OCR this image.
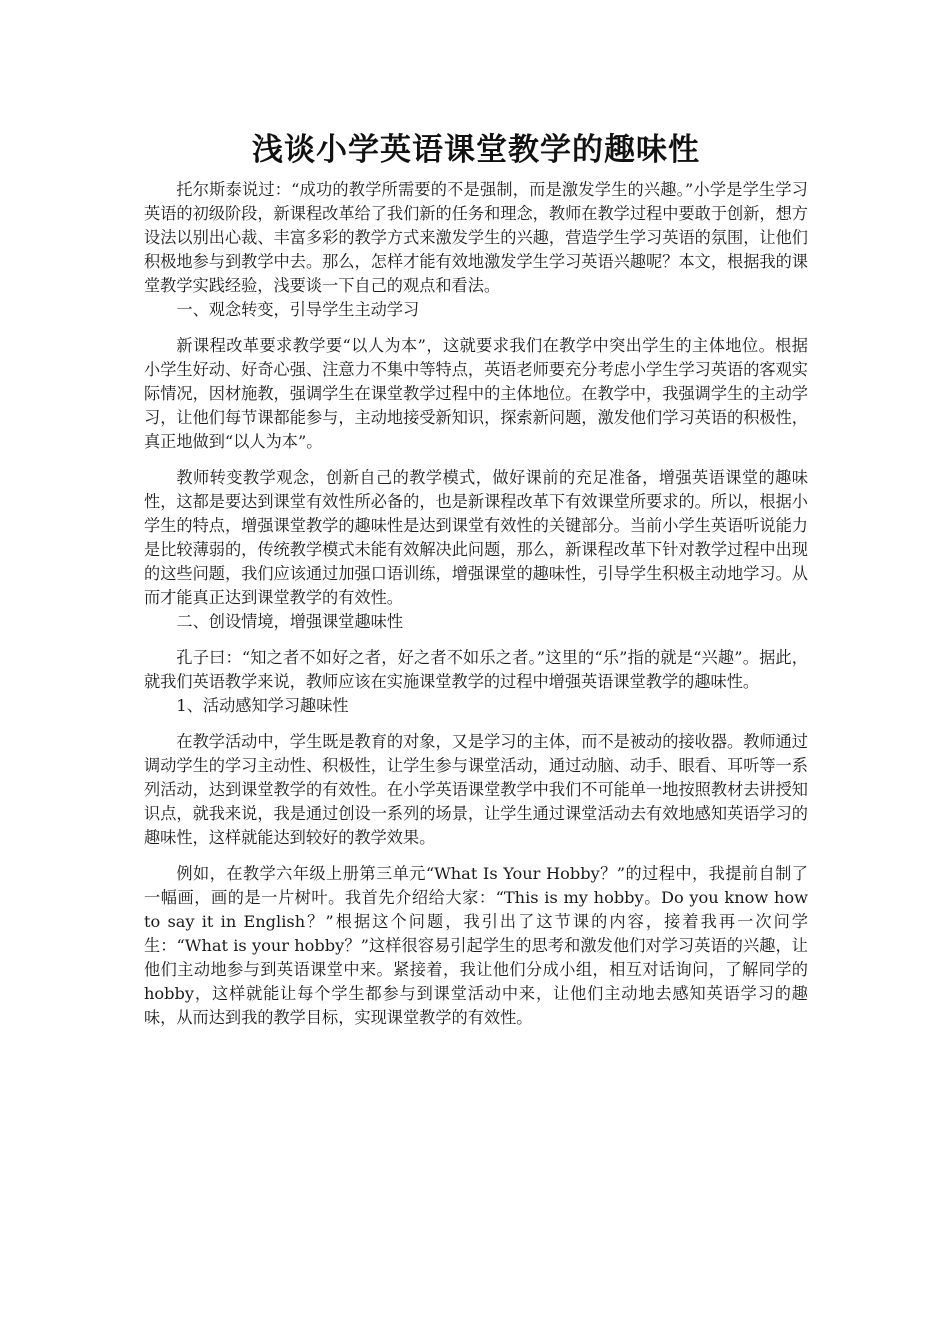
浅谈小学英语课堂教学的趣味性

托尔斯泰说过：“成功的教学所需要的不是强制，而是激发学生的兴趣。”小学是学生学习英语的初级阶段，新课程改革给了我们新的任务和理念，教师在教学过程中要敢于创新，想方设法以别出心裁、丰富多彩的教学方式来激发学生的兴趣，营造学生学习英语的氛围，让他们积极地参与到教学中去。那么，怎样才能有效地激发学生学习英语兴趣呢？本文，根据我的课堂教学实践经验，浅要谈一下自己的观点和看法。

一、观念转变，引导学生主动学习

新课程改革要求教学要“以人为本”，这就要求我们在教学中突出学生的主体地位。根据小学生好动、好奇心强、注意力不集中等特点，英语老师要充分考虑小学生学习英语的客观实际情况，因材施教，强调学生在课堂教学过程中的主体地位。在教学中，我强调学生的主动学习，让他们每节课都能参与，主动地接受新知识，探索新问题，激发他们学习英语的积极性，真正地做到“以人为本”。

教师转变教学观念，创新自己的教学模式，做好课前的充足准备，增强英语课堂的趣味性，这都是要达到课堂有效性所必备的，也是新课程改革下有效课堂所要求的。所以，根据小学生的特点，增强课堂教学的趣味性是达到课堂有效性的关键部分。当前小学生英语听说能力是比较薄弱的，传统教学模式未能有效解决此问题，那么，新课程改革下针对教学过程中出现的这些问题，我们应该通过加强口语训练，增强课堂的趣味性，引导学生积极主动地学习。从而才能真正达到课堂教学的有效性。

二、创设情境，增强课堂趣味性

孔子曰：“知之者不如好之者，好之者不如乐之者。”这里的“乐”指的就是“兴趣”。据此，就我们英语教学来说，教师应该在实施课堂教学的过程中增强英语课堂教学的趣味性。

1、活动感知学习趣味性

在教学活动中，学生既是教育的对象，又是学习的主体，而不是被动的接收器。教师通过调动学生的学习主动性、积极性，让学生参与课堂活动，通过动脑、动手、眼看、耳听等一系列活动，达到课堂教学的有效性。在小学英语课堂教学中我们不可能单一地按照教材去讲授知识点，就我来说，我是通过创设一系列的场景，让学生通过课堂活动去有效地感知英语学习的趣味性，这样就能达到较好的教学效果。

例如，在教学六年级上册第三单元“What Is Your Hobby？”的过程中，我提前自制了一幅画，画的是一片树叶。我首先介绍给大家：“This is my hobby。Do you know how to say it in English？”根据这个问题，我引出了这节课的内容，接着我再一次问学生：“What is your hobby？”这样很容易引起学生的思考和激发他们对学习英语的兴趣，让他们主动地参与到英语课堂中来。紧接着，我让他们分成小组，相互对话询问，了解同学的hobby，这样就能让每个学生都参与到课堂活动中来，让他们主动地去感知英语学习的趣味，从而达到我的教学目标，实现课堂教学的有效性。
